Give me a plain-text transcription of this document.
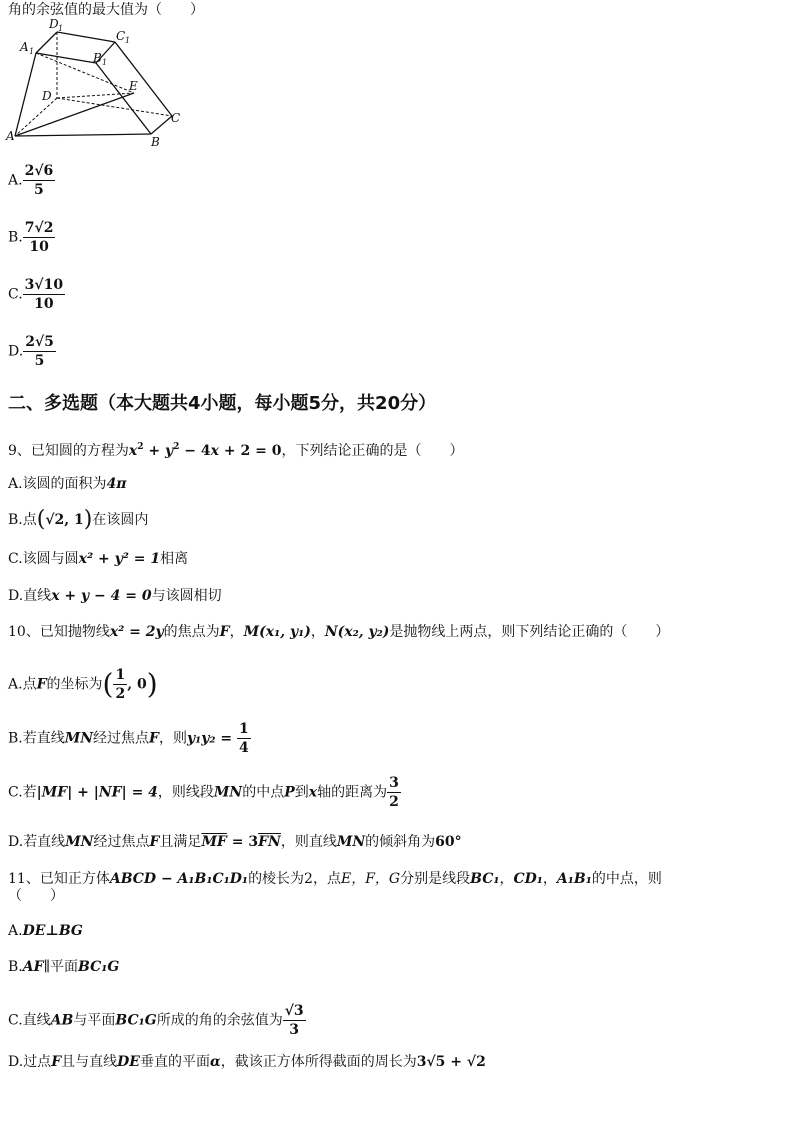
角的余弦值的最大值为（　　）
A 1
D 1
C 1
B 1
D
E
C
B
A
A. $\frac{2√6}{5}$
B. $\frac{7√2}{10}$
C. $\frac{3√10}{10}$
D. $\frac{2√5}{5}$
二、多选题（本大题共4小题，每小题5分，共20分）
9、已知圆的方程为$x^2 + y^2 - 4x + 2 = 0$，下列结论正确的是（　　）
A.该圆的面积为4π
B.点(√2, 1)在该圆内
C.该圆与圆x² + y² = 1相离
D.直线x + y − 4 = 0与该圆相切
10、已知抛物线x² = 2y的焦点为F，M(x₁, y₁)，N(x₂, y₂)是抛物线上两点，则下列结论正确的（　　）
A.点F的坐标为( $\frac{1}{2}$ , 0)
B.若直线MN经过焦点F，则$y_1y_2 = \frac{1}{4}$
C.若|MF| + |NF| = 4，则线段MN的中点P到x轴的距离为 $\frac{3}{2}$
D.若直线MN经过焦点F且满足$\overline{MF} = 3\overline{FN}$，则直线MN的倾斜角为60°
11、已知正方体ABCD − A₁B₁C₁D₁的棱长为2，点E，F，G分别是线段BC₁，CD₁，A₁B₁的中点，则
（　　）
A.DE⊥BG
B.AF∥平面BC₁G
C.直线AB与平面BC₁G所成的角的余弦值为 $\frac{√3}{3}$
D.过点F且与直线DE垂直的平面α，截该正方体所得截面的周长为3√5 + √2
